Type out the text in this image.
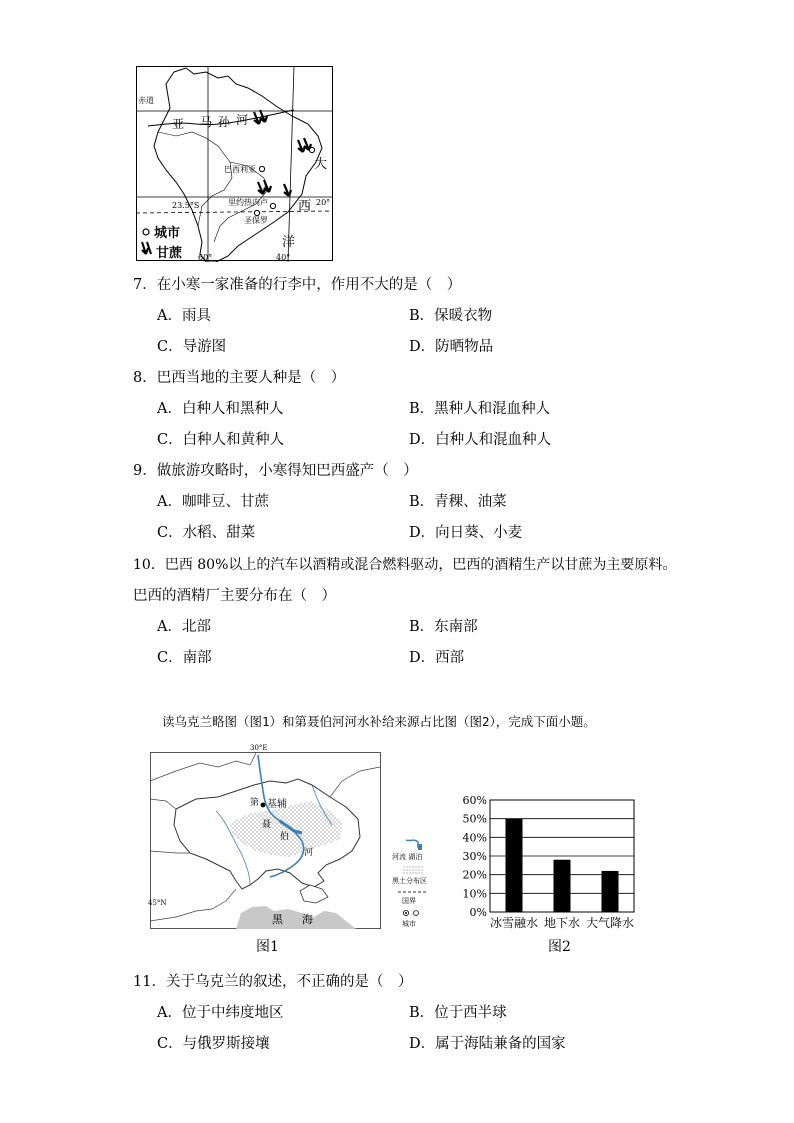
赤道
亚 马 孙 河
巴西利亚
里约热内卢
圣保罗
23.5°S	20°
60°	40°
大
西
洋
城市
甘蔗
7．在小寒一家准备的行李中，作用不大的是（　）
A．雨具	B．保暖衣物
C．导游图	D．防晒物品
8．巴西当地的主要人种是（　）
A．白种人和黑种人	B．黑种人和混血种人
C．白种人和黄种人	D．白种人和混血种人
9．做旅游攻略时，小寒得知巴西盛产（　）
A．咖啡豆、甘蔗	B．青稞、油菜
C．水稻、甜菜	D．向日葵、小麦
10．巴西 80%以上的汽车以酒精或混合燃料驱动，巴西的酒精生产以甘蔗为主要原料。
巴西的酒精厂主要分布在（　）
A．北部	B．东南部
C．南部	D．西部
读乌克兰略图（图1）和第聂伯河河水补给来源占比图（图2），完成下面小题。
30°E
45°N
基辅
第
聂
伯
河
黑 海
河流 湖泊
黑土分布区
国界
城市
图1
0%
10%
20%
30%
40%
50%
60%
冰雪融水 地下水 大气降水
图2
11．关于乌克兰的叙述，不正确的是（　）
A．位于中纬度地区	B．位于西半球
C．与俄罗斯接壤	D．属于海陆兼备的国家
